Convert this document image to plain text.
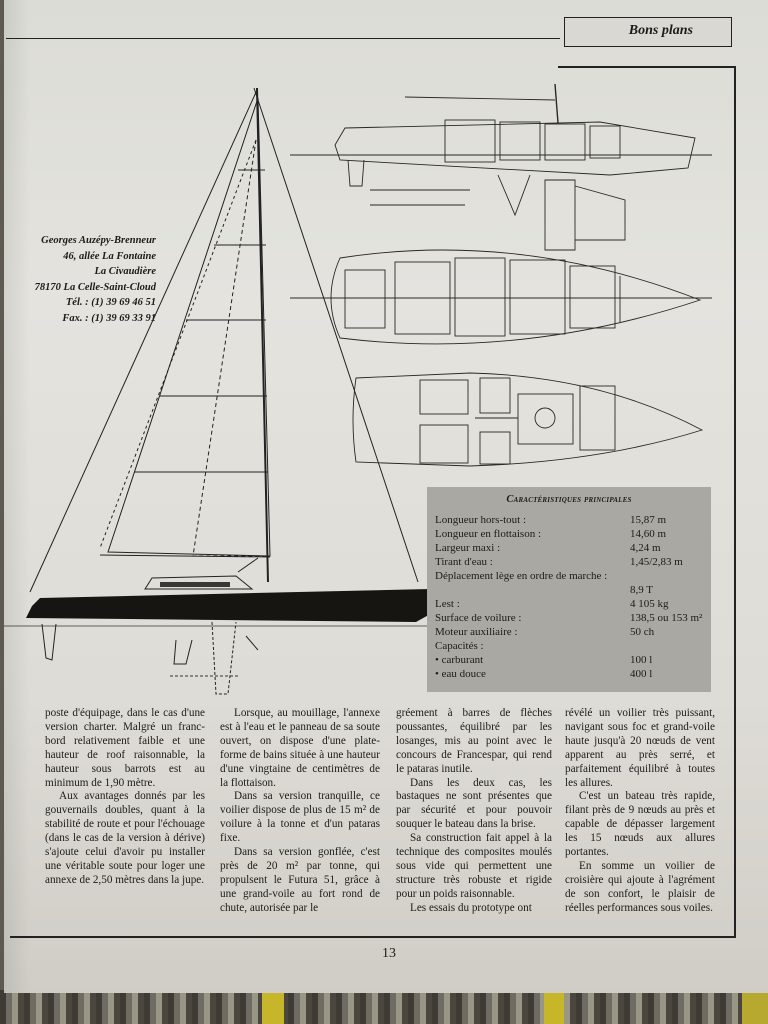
Bons plans
Georges Auzépy-Brenneur
46, allée La Fontaine
La Civaudière
78170 La Celle-Saint-Cloud
Tél. : (1) 39 69 46 51
Fax. : (1) 39 69 33 91
Caractéristiques principales
Longueur hors-tout :	15,87 m
Longueur en flottaison :	14,60 m
Largeur maxi :	4,24 m
Tirant d'eau :	1,45/2,83 m
Déplacement lège en ordre de marche :
8,9 T
Lest :	4 105 kg
Surface de voilure :	138,5 ou 153 m²
Moteur auxiliaire :	50 ch
Capacités :
• carburant	100 l
• eau douce	400 l

poste d'équipage, dans le cas d'une version charter. Malgré un franc-bord relativement faible et une hauteur de roof raisonnable, la hauteur sous barrots est au minimum de 1,90 mètre.

Aux avantages donnés par les gouvernails doubles, quant à la stabilité de route et pour l'échouage (dans le cas de la version à dérive) s'ajoute celui d'avoir pu installer une véritable soute pour loger une annexe de 2,50 mètres dans la jupe.

Lorsque, au mouillage, l'annexe est à l'eau et le panneau de sa soute ouvert, on dispose d'une plate-forme de bains située à une hauteur d'une vingtaine de centimètres de la flottaison.

Dans sa version tranquille, ce voilier dispose de plus de 15 m² de voilure à la tonne et d'un pataras fixe.

Dans sa version gonflée, c'est près de 20 m² par tonne, qui propulsent le Futura 51, grâce à une grand-voile au fort rond de chute, autorisée par le

gréement à barres de flèches poussantes, équilibré par les losanges, mis au point avec le concours de Francespar, qui rend le pataras inutile.

Dans les deux cas, les bastaques ne sont présentes que par sécurité et pour pouvoir souquer le bateau dans la brise.

Sa construction fait appel à la technique des composites moulés sous vide qui permettent une structure très robuste et rigide pour un poids raisonnable.

Les essais du prototype ont

révélé un voilier très puissant, navigant sous foc et grand-voile haute jusqu'à 20 nœuds de vent apparent au près serré, et parfaitement équilibré à toutes les allures.

C'est un bateau très rapide, filant près de 9 nœuds au près et capable de dépasser largement les 15 nœuds aux allures portantes.

En somme un voilier de croisière qui ajoute à l'agrément de son confort, le plaisir de réelles performances sous voiles.

13
